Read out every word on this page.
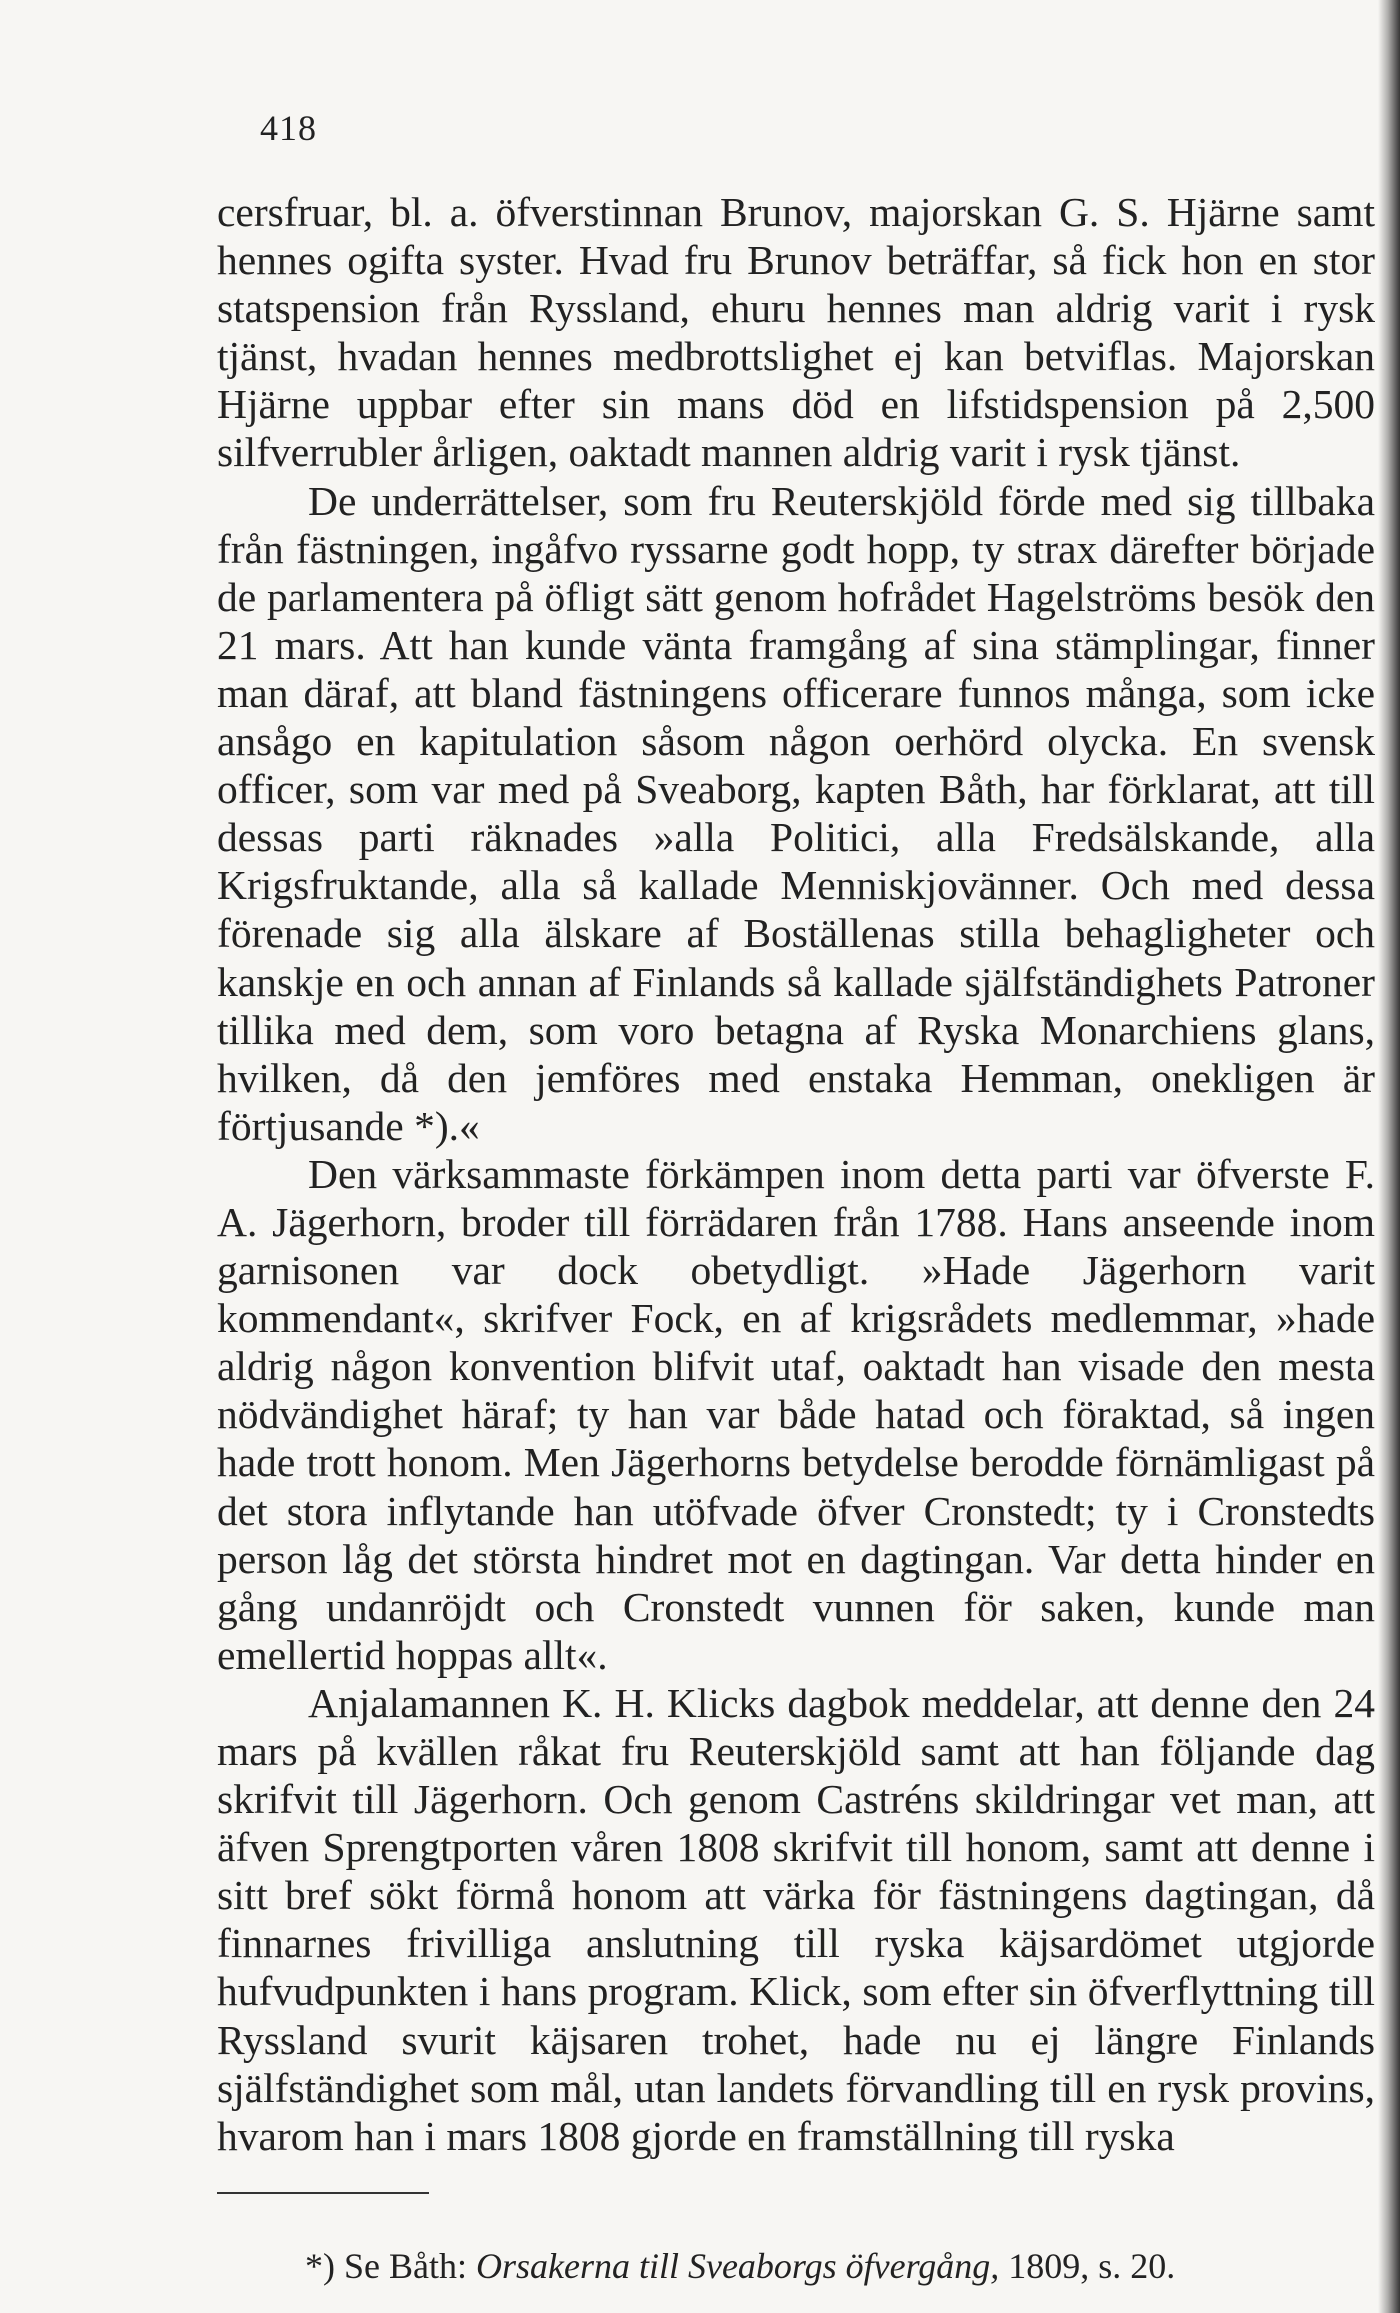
418

cersfruar, bl. a. öfverstinnan Brunov, majorskan G. S. Hjärne samt hennes ogifta syster. Hvad fru Brunov beträffar, så fick hon en stor statspension från Ryssland, ehuru hennes man aldrig varit i rysk tjänst, hvadan hennes medbrottslighet ej kan betviflas. Majorskan Hjärne uppbar efter sin mans död en lifstidspension på 2,500 silfverrubler årligen, oaktadt mannen aldrig varit i rysk tjänst.

De underrättelser, som fru Reuterskjöld förde med sig tillbaka från fästningen, ingåfvo ryssarne godt hopp, ty strax därefter började de parlamentera på öfligt sätt genom hofrådet Hagelströms besök den 21 mars. Att han kunde vänta framgång af sina stämplingar, finner man däraf, att bland fästningens officerare funnos många, som icke ansågo en kapitulation såsom någon oerhörd olycka. En svensk officer, som var med på Sveaborg, kapten Båth, har förklarat, att till dessas parti räknades »alla Politici, alla Fredsälskande, alla Krigsfruktande, alla så kallade Menniskjovänner. Och med dessa förenade sig alla älskare af Boställenas stilla behagligheter och kanskje en och annan af Finlands så kallade själfständighets Patroner tillika med dem, som voro betagna af Ryska Monarchiens glans, hvilken, då den jemföres med enstaka Hemman, onekligen är förtjusande *).«

Den värksammaste förkämpen inom detta parti var öfverste F. A. Jägerhorn, broder till förrädaren från 1788. Hans anseende inom garnisonen var dock obetydligt. »Hade Jägerhorn varit kommendant«, skrifver Fock, en af krigsrådets medlemmar, »hade aldrig någon konvention blifvit utaf, oaktadt han visade den mesta nödvändighet häraf; ty han var både hatad och föraktad, så ingen hade trott honom. Men Jägerhorns betydelse berodde förnämligast på det stora inflytande han utöfvade öfver Cronstedt; ty i Cronstedts person låg det största hindret mot en dagtingan. Var detta hinder en gång undanröjdt och Cronstedt vunnen för saken, kunde man emellertid hoppas allt«.

Anjalamannen K. H. Klicks dagbok meddelar, att denne den 24 mars på kvällen råkat fru Reuterskjöld samt att han följande dag skrifvit till Jägerhorn. Och genom Castréns skildringar vet man, att äfven Sprengtporten våren 1808 skrifvit till honom, samt att denne i sitt bref sökt förmå honom att värka för fästningens dagtingan, då finnarnes frivilliga anslutning till ryska käjsardömet utgjorde hufvudpunkten i hans program. Klick, som efter sin öfverflyttning till Ryssland svurit käjsaren trohet, hade nu ej längre Finlands själfständighet som mål, utan landets förvandling till en rysk provins, hvarom han i mars 1808 gjorde en framställning till ryska

*) Se Båth: Orsakerna till Sveaborgs öfvergång, 1809, s. 20.
